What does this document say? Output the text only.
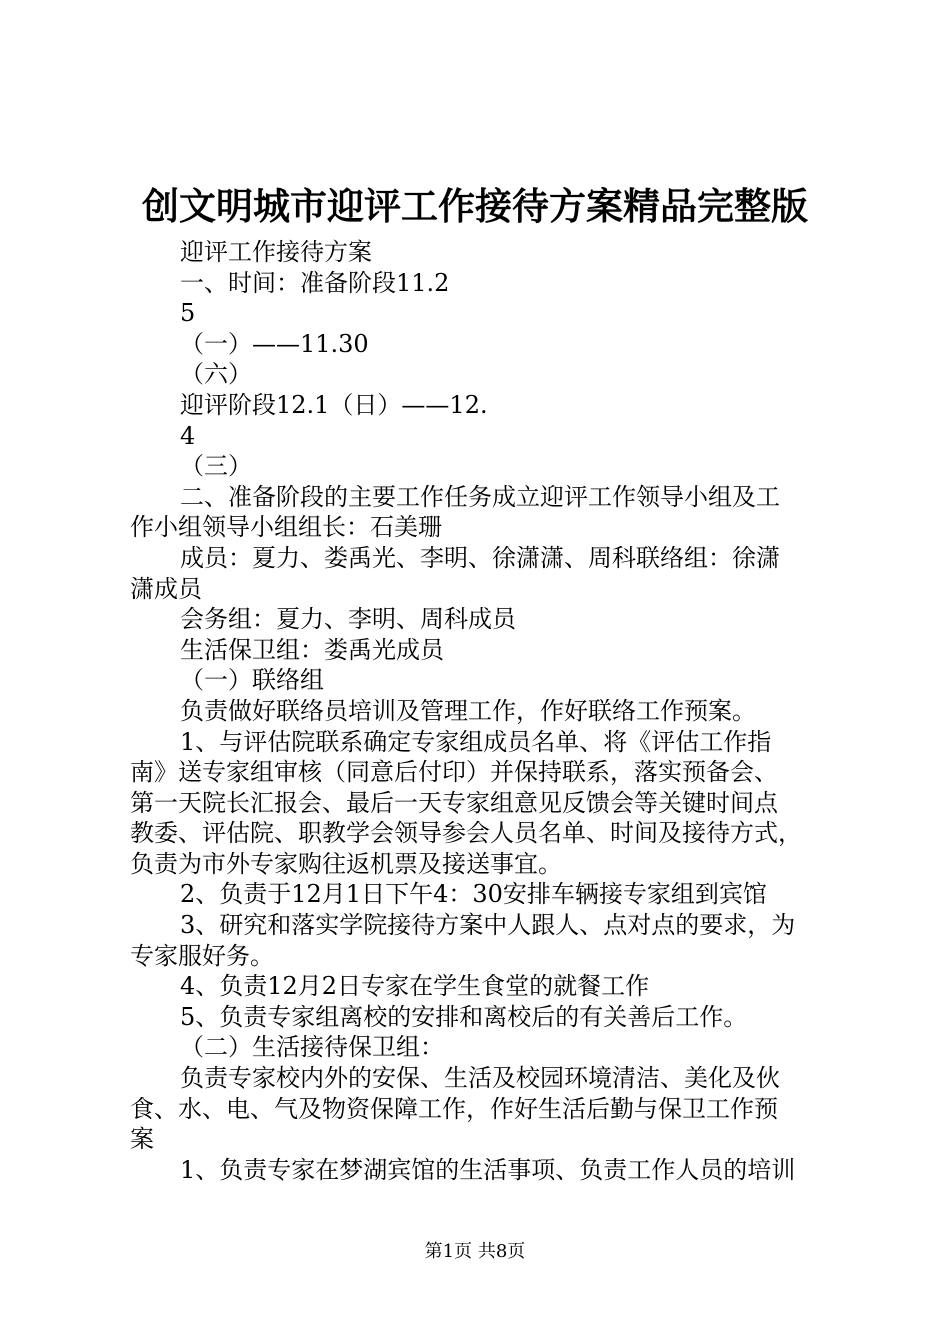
创文明城市迎评工作接待方案精品完整版
迎评工作接待方案
一、时间：准备阶段11.2
5
（一）——11.30
（六）
迎评阶段12.1（日）——12.
4
（三）
二、准备阶段的主要工作任务成立迎评工作领导小组及工
作小组领导小组组长：石美珊
成员：夏力、娄禹光、李明、徐潇潇、周科联络组：徐潇
潇成员
会务组：夏力、李明、周科成员
生活保卫组：娄禹光成员
（一）联络组
负责做好联络员培训及管理工作，作好联络工作预案。
1、与评估院联系确定专家组成员名单、将《评估工作指
南》送专家组审核（同意后付印）并保持联系，落实预备会、
第一天院长汇报会、最后一天专家组意见反馈会等关键时间点
教委、评估院、职教学会领导参会人员名单、时间及接待方式，
负责为市外专家购往返机票及接送事宜。
2、负责于12月1日下午4：30安排车辆接专家组到宾馆
3、研究和落实学院接待方案中人跟人、点对点的要求，为
专家服好务。
4、负责12月2日专家在学生食堂的就餐工作
5、负责专家组离校的安排和离校后的有关善后工作。
（二）生活接待保卫组：
负责专家校内外的安保、生活及校园环境清洁、美化及伙
食、水、电、气及物资保障工作，作好生活后勤与保卫工作预
案
1、负责专家在梦湖宾馆的生活事项、负责工作人员的培训
第1页 共8页
